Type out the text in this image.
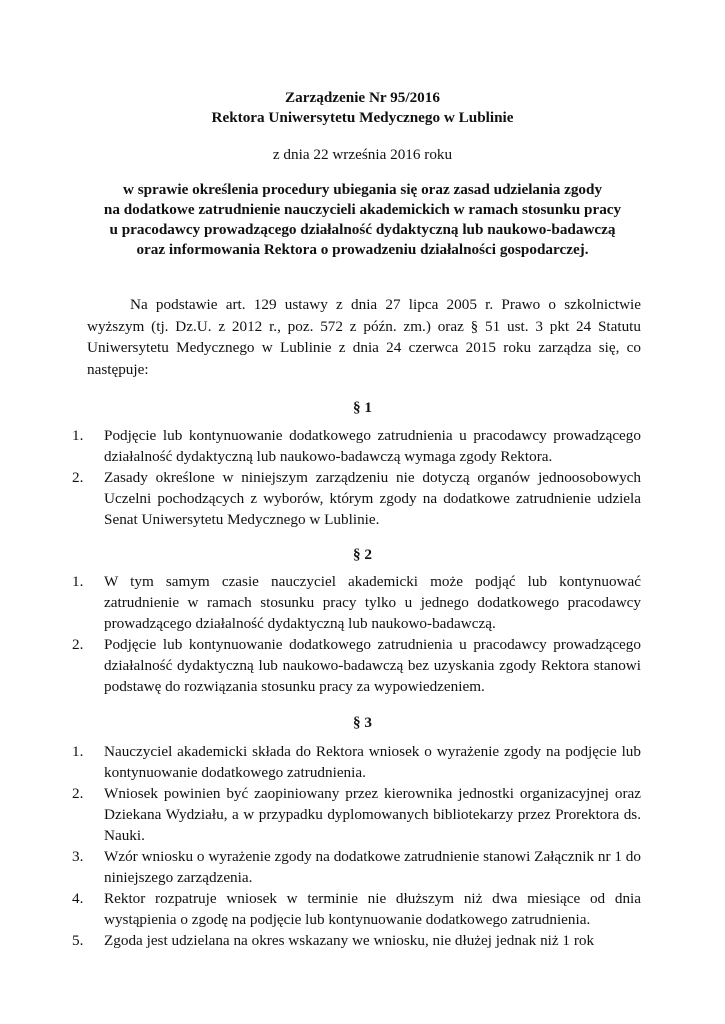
Zarządzenie Nr 95/2016
Rektora Uniwersytetu Medycznego w Lublinie
z dnia 22 września 2016 roku
w sprawie określenia procedury ubiegania się oraz zasad udzielania zgody
na dodatkowe zatrudnienie nauczycieli akademickich w ramach stosunku pracy
u pracodawcy prowadzącego działalność dydaktyczną lub naukowo-badawczą
oraz informowania Rektora o prowadzeniu działalności gospodarczej.

Na podstawie art. 129 ustawy z dnia 27 lipca 2005 r. Prawo o szkolnictwie wyższym (tj. Dz.U. z 2012 r., poz. 572 z późn. zm.) oraz § 51 ust. 3 pkt 24 Statutu Uniwersytetu Medycznego w Lublinie z dnia 24 czerwca 2015 roku zarządza się, co następuje:

§ 1
1. Podjęcie lub kontynuowanie dodatkowego zatrudnienia u pracodawcy prowadzącego działalność dydaktyczną lub naukowo-badawczą wymaga zgody Rektora.
2. Zasady określone w niniejszym zarządzeniu nie dotyczą organów jednoosobowych Uczelni pochodzących z wyborów, którym zgody na dodatkowe zatrudnienie udziela Senat Uniwersytetu Medycznego w Lublinie.
§ 2
1. W tym samym czasie nauczyciel akademicki może podjąć lub kontynuować zatrudnienie w ramach stosunku pracy tylko u jednego dodatkowego pracodawcy prowadzącego działalność dydaktyczną lub naukowo-badawczą.
2. Podjęcie lub kontynuowanie dodatkowego zatrudnienia u pracodawcy prowadzącego działalność dydaktyczną lub naukowo-badawczą bez uzyskania zgody Rektora stanowi podstawę do rozwiązania stosunku pracy za wypowiedzeniem.
§ 3
1. Nauczyciel akademicki składa do Rektora wniosek o wyrażenie zgody na podjęcie lub kontynuowanie dodatkowego zatrudnienia.
2. Wniosek powinien być zaopiniowany przez kierownika jednostki organizacyjnej oraz Dziekana Wydziału, a w przypadku dyplomowanych bibliotekarzy przez Prorektora ds. Nauki.
3. Wzór wniosku o wyrażenie zgody na dodatkowe zatrudnienie stanowi Załącznik nr 1 do niniejszego zarządzenia.
4. Rektor rozpatruje wniosek w terminie nie dłuższym niż dwa miesiące od dnia wystąpienia o zgodę na podjęcie lub kontynuowanie dodatkowego zatrudnienia.
5. Zgoda jest udzielana na okres wskazany we wniosku, nie dłużej jednak niż 1 rok
